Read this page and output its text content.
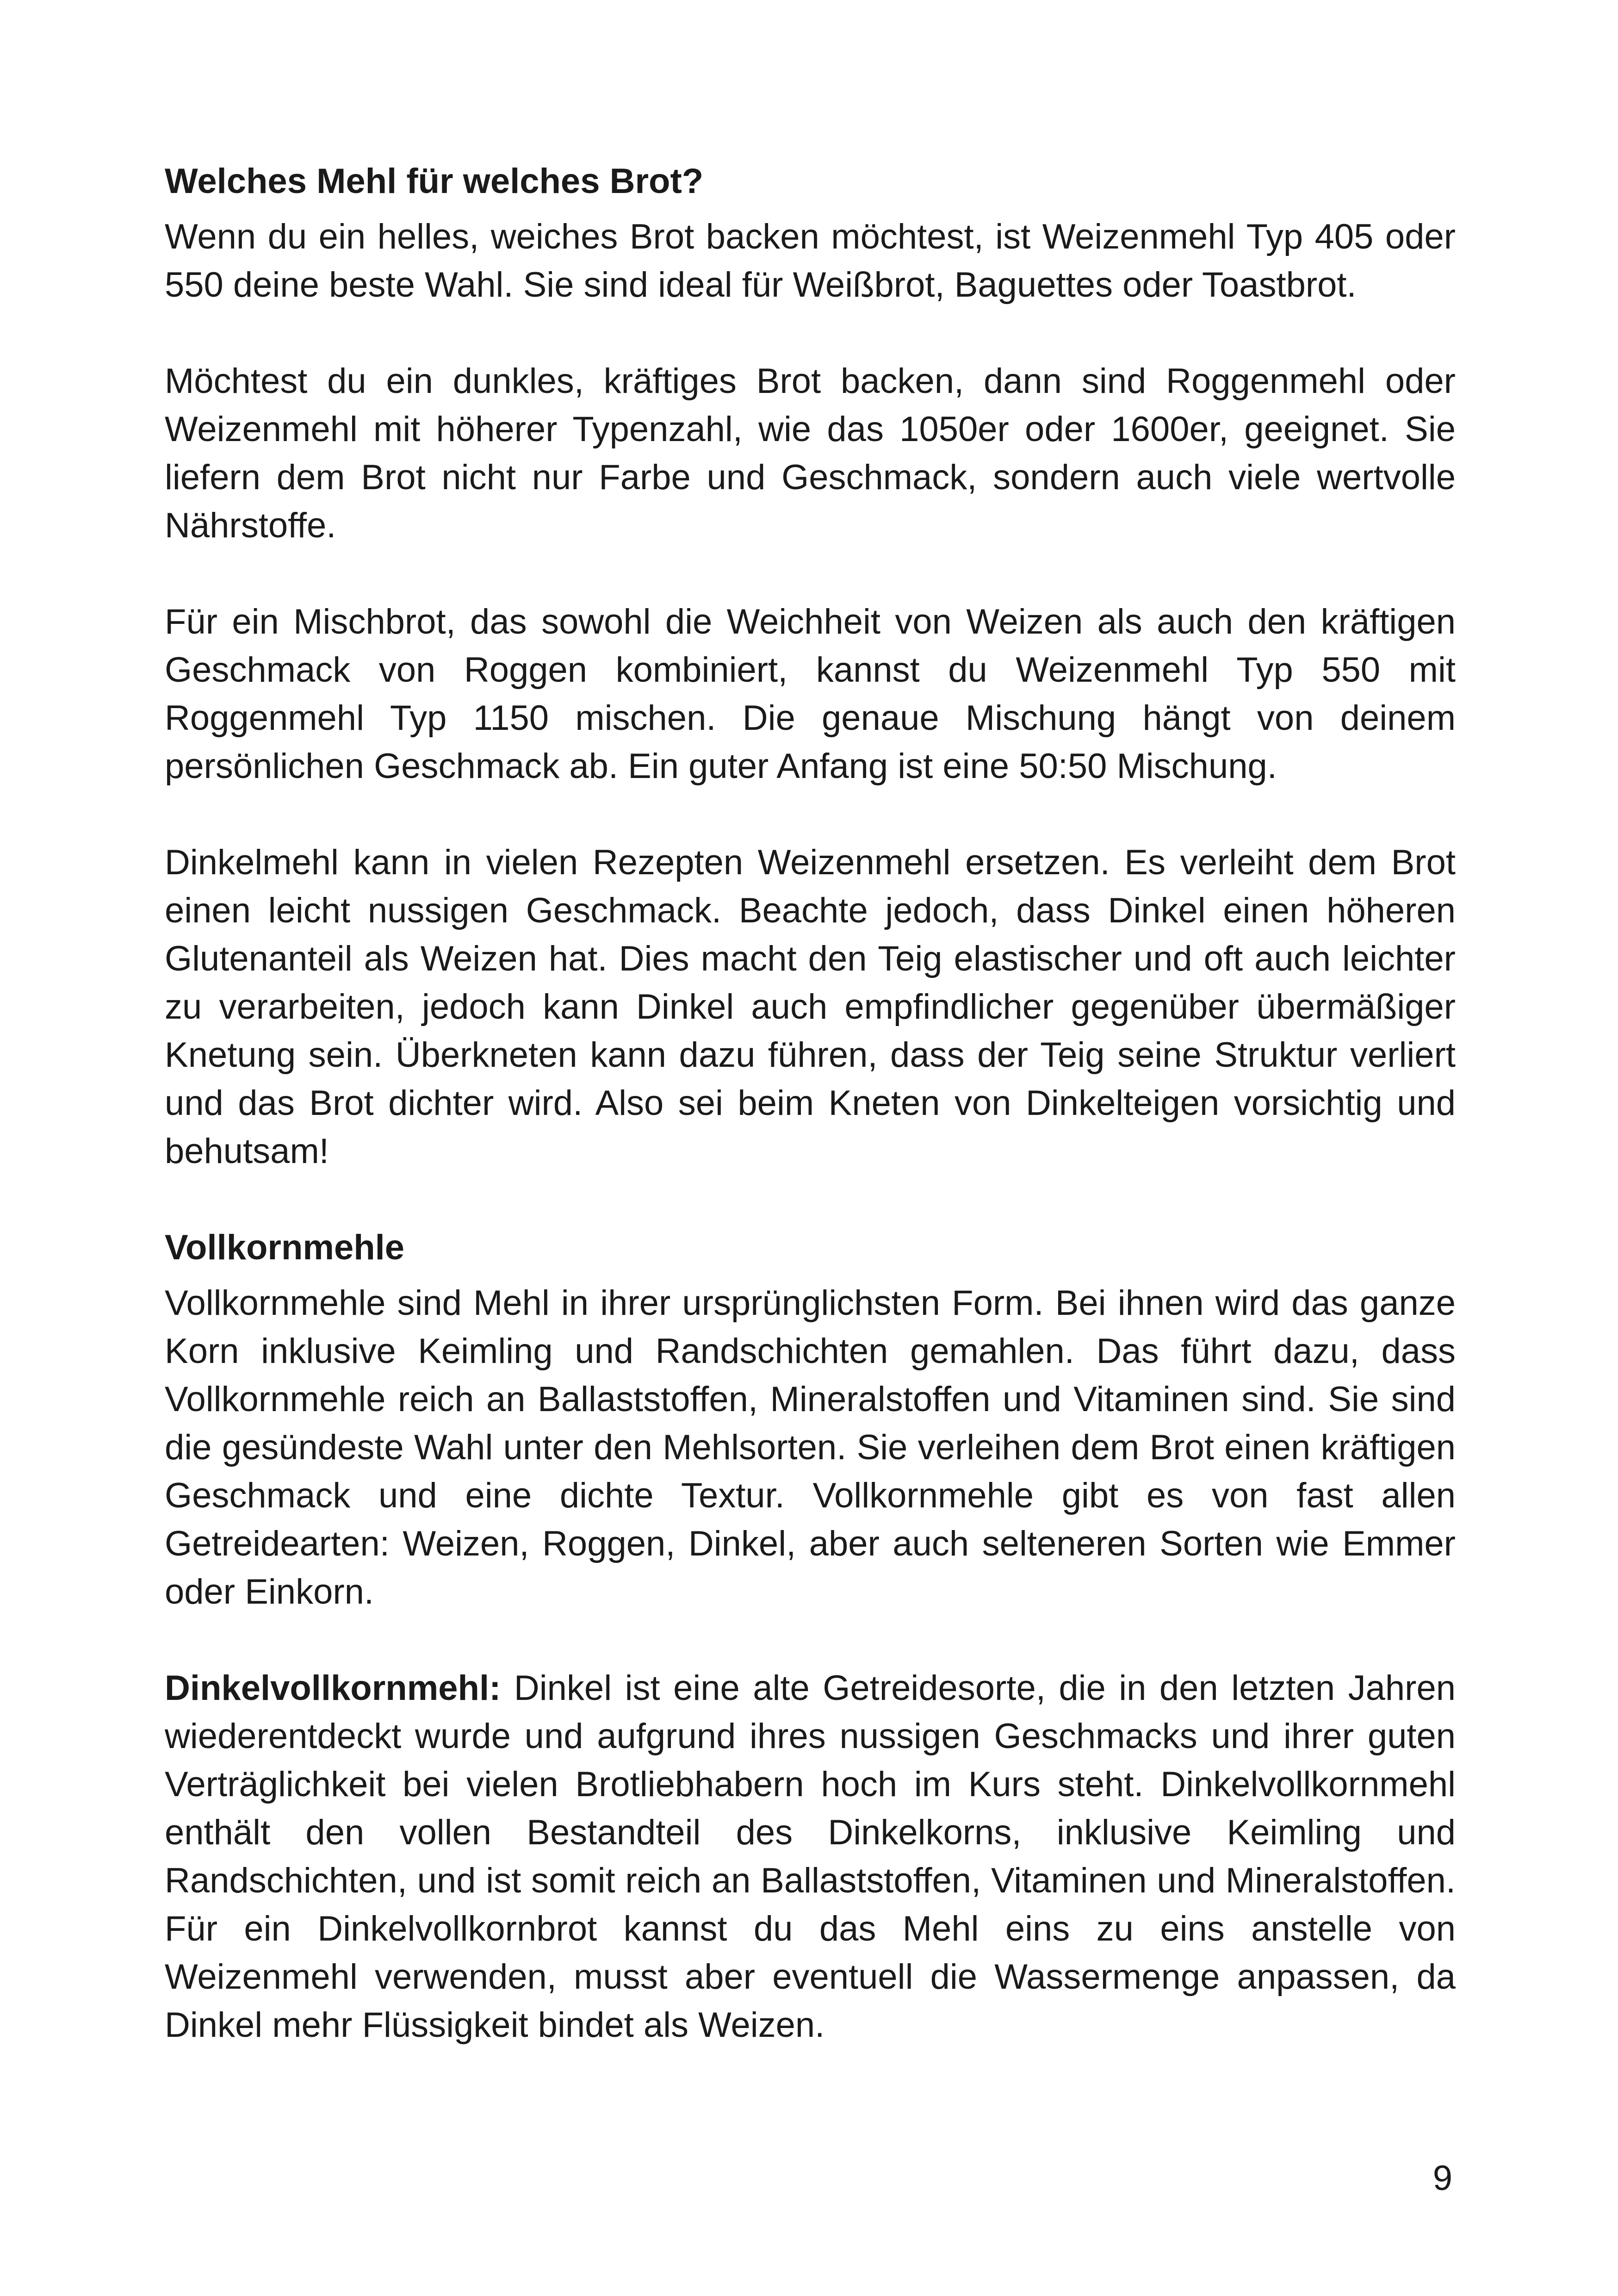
Welches Mehl für welches Brot?

Wenn du ein helles, weiches Brot backen möchtest, ist Weizenmehl Typ 405 oder 550 deine beste Wahl. Sie sind ideal für Weißbrot, Baguettes oder Toastbrot.

Möchtest du ein dunkles, kräftiges Brot backen, dann sind Roggenmehl oder Weizenmehl mit höherer Typenzahl, wie das 1050er oder 1600er, geeignet. Sie liefern dem Brot nicht nur Farbe und Geschmack, sondern auch viele wertvolle Nährstoffe.

Für ein Mischbrot, das sowohl die Weichheit von Weizen als auch den kräftigen Geschmack von Roggen kombiniert, kannst du Weizenmehl Typ 550 mit Roggenmehl Typ 1150 mischen. Die genaue Mischung hängt von deinem persönlichen Geschmack ab. Ein guter Anfang ist eine 50:50 Mischung.

Dinkelmehl kann in vielen Rezepten Weizenmehl ersetzen. Es verleiht dem Brot einen leicht nussigen Geschmack. Beachte jedoch, dass Dinkel einen höheren Glutenanteil als Weizen hat. Dies macht den Teig elastischer und oft auch leichter zu verarbeiten, jedoch kann Dinkel auch empfindlicher gegenüber übermäßiger Knetung sein. Überkneten kann dazu führen, dass der Teig seine Struktur verliert und das Brot dichter wird. Also sei beim Kneten von Dinkelteigen vorsichtig und behutsam!

Vollkornmehle

Vollkornmehle sind Mehl in ihrer ursprünglichsten Form. Bei ihnen wird das ganze Korn inklusive Keimling und Randschichten gemahlen. Das führt dazu, dass Vollkornmehle reich an Ballaststoffen, Mineralstoffen und Vitaminen sind. Sie sind die gesündeste Wahl unter den Mehlsorten. Sie verleihen dem Brot einen kräftigen Geschmack und eine dichte Textur. Vollkornmehle gibt es von fast allen Getreidearten: Weizen, Roggen, Dinkel, aber auch selteneren Sorten wie Emmer oder Einkorn.

Dinkelvollkornmehl: Dinkel ist eine alte Getreidesorte, die in den letzten Jahren wiederentdeckt wurde und aufgrund ihres nussigen Geschmacks und ihrer guten Verträglichkeit bei vielen Brotliebhabern hoch im Kurs steht. Dinkelvollkornmehl enthält den vollen Bestandteil des Dinkelkorns, inklusive Keimling und Randschichten, und ist somit reich an Ballaststoffen, Vitaminen und Mineralstoffen. Für ein Dinkelvollkornbrot kannst du das Mehl eins zu eins anstelle von Weizenmehl verwenden, musst aber eventuell die Wassermenge anpassen, da Dinkel mehr Flüssigkeit bindet als Weizen.

9
